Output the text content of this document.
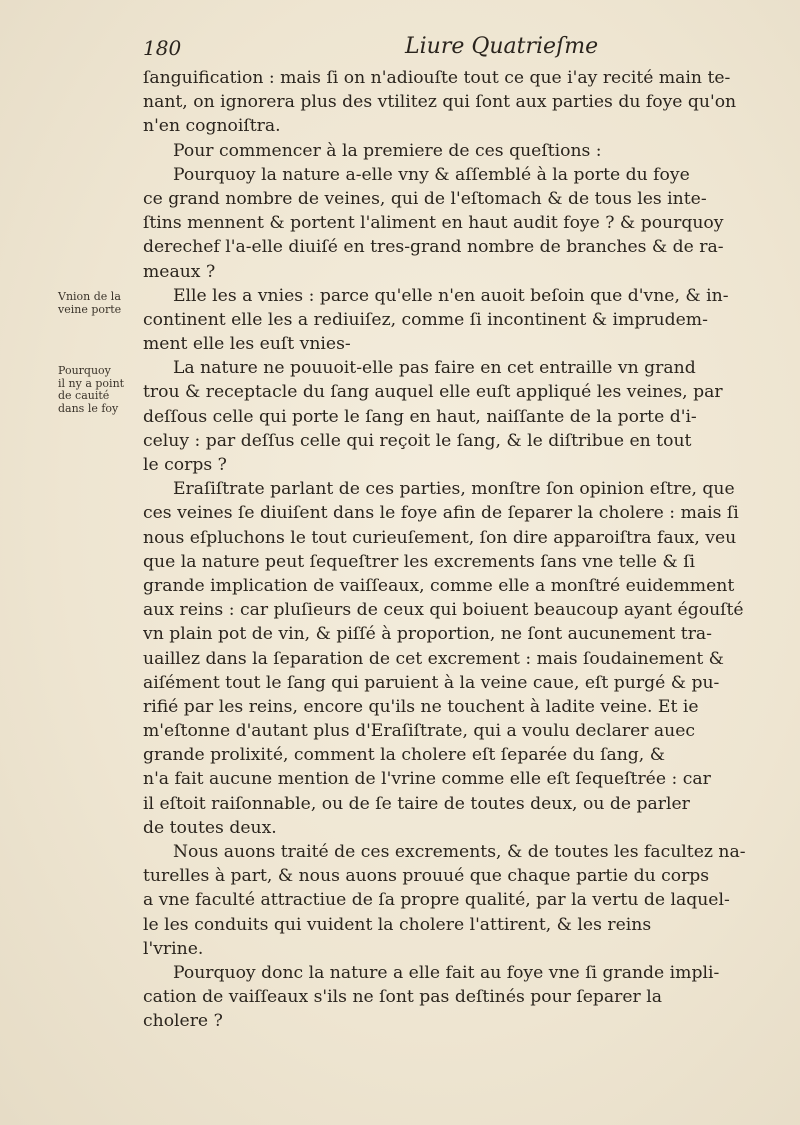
180	Liure Quatrieſme
Vnion de la
veine porte
Pourquoy
il ny a point
de cauité
dans le foy
ſanguification : mais ſi on n'adiouſte tout ce que i'ay recité main te-
nant, on ignorera plus des vtilitez qui ſont aux parties du foye qu'on
n'en cognoiſtra.
Pour commencer à la premiere de ces queſtions :
Pourquoy la nature a-elle vny & aſſemblé à la porte du foye
ce grand nombre de veines, qui de l'eſtomach & de tous les inte-
ſtins mennent & portent l'aliment en haut audit foye ? & pourquoy
derechef l'a-elle diuiſé en tres-grand nombre de branches & de ra-
meaux ?
Elle les a vnies : parce qu'elle n'en auoit beſoin que d'vne, & in-
continent elle les a rediuiſez, comme ſi incontinent & imprudem-
ment elle les euſt vnies-
La nature ne pouuoit-elle pas faire en cet entraille vn grand
trou & receptacle du ſang auquel elle euſt appliqué les veines, par
deſſous celle qui porte le ſang en haut, naiſſante de la porte d'i-
celuy : par deſſus celle qui reçoit le ſang, & le diſtribue en tout
le corps ?
Eraſiſtrate parlant de ces parties, monſtre ſon opinion eſtre, que
ces veines ſe diuiſent dans le foye afin de ſeparer la cholere : mais ſi
nous eſpluchons le tout curieuſement, ſon dire apparoiſtra faux, veu
que la nature peut ſequeſtrer les excrements ſans vne telle & ſi
grande implication de vaiſſeaux, comme elle a monſtré euidemment
aux reins : car pluſieurs de ceux qui boiuent beaucoup ayant égouſté
vn plain pot de vin, & piſſé à proportion, ne ſont aucunement tra-
uaillez dans la ſeparation de cet excrement : mais ſoudainement &
aiſément tout le ſang qui paruient à la veine caue, eſt purgé & pu-
rifié par les reins, encore qu'ils ne touchent à ladite veine. Et ie
m'eſtonne d'autant plus d'Eraſiſtrate, qui a voulu declarer auec
grande prolixité, comment la cholere eſt ſeparée du ſang, &
n'a fait aucune mention de l'vrine comme elle eſt ſequeſtrée : car
il eſtoit raiſonnable, ou de ſe taire de toutes deux, ou de parler
de toutes deux.
Nous auons traité de ces excrements, & de toutes les facultez na-
turelles à part, & nous auons prouué que chaque partie du corps
a vne faculté attractiue de ſa propre qualité, par la vertu de laquel-
le les conduits qui vuident la cholere l'attirent, & les reins
l'vrine.
Pourquoy donc la nature a elle fait au foye vne ſi grande impli-
cation de vaiſſeaux s'ils ne ſont pas deſtinés pour ſeparer la
cholere ?
